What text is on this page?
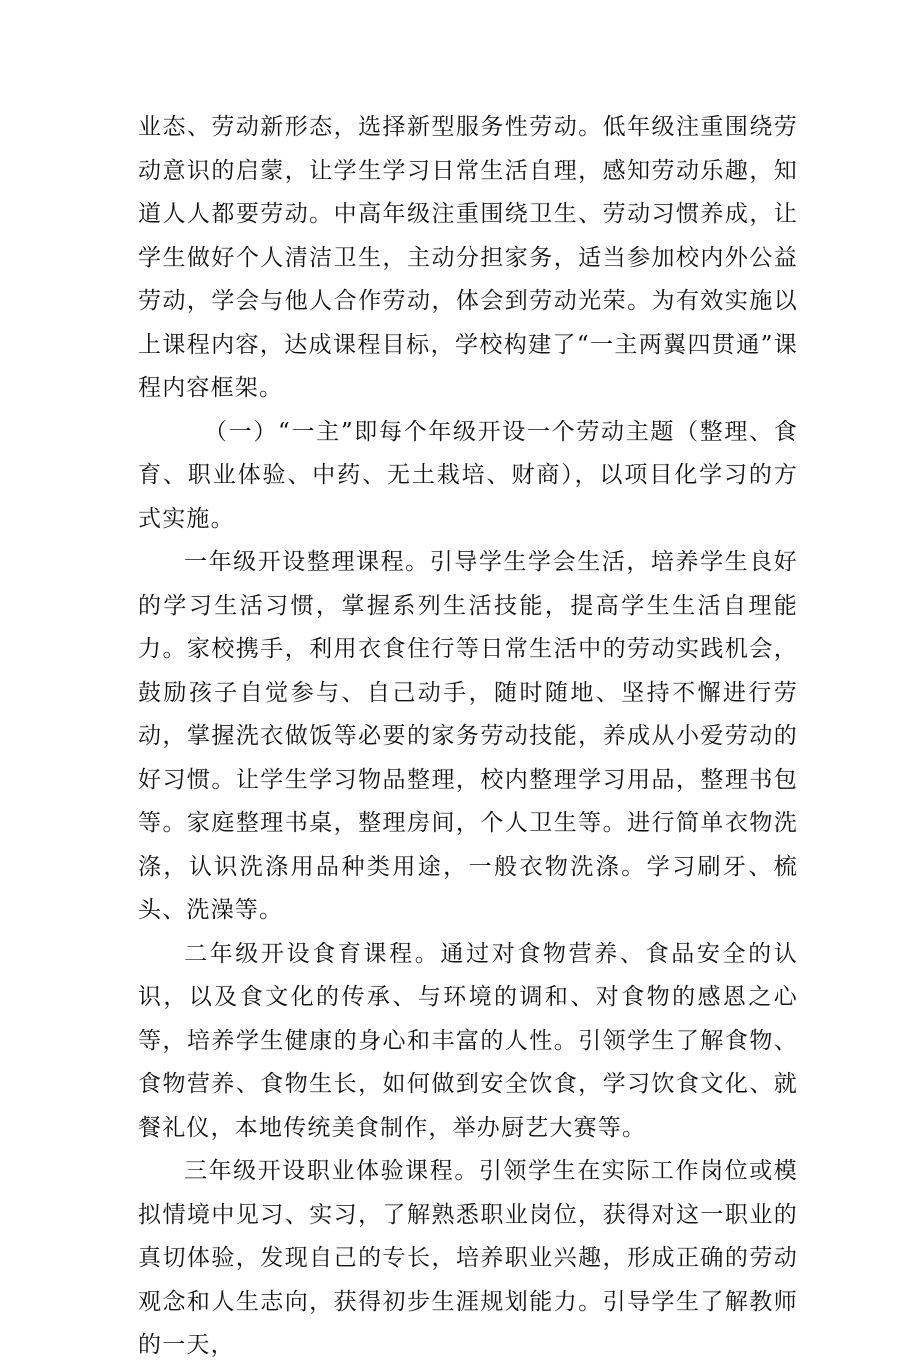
业态、劳动新形态，选择新型服务性劳动。低年级注重围绕劳动意识的启蒙，让学生学习日常生活自理，感知劳动乐趣，知道人人都要劳动。中高年级注重围绕卫生、劳动习惯养成，让学生做好个人清洁卫生，主动分担家务，适当参加校内外公益劳动，学会与他人合作劳动，体会到劳动光荣。为有效实施以上课程内容，达成课程目标，学校构建了“一主两翼四贯通”课程内容框架。

（一）“一主”即每个年级开设一个劳动主题（整理、食育、职业体验、中药、无土栽培、财商），以项目化学习的方式实施。

一年级开设整理课程。引导学生学会生活，培养学生良好的学习生活习惯，掌握系列生活技能，提高学生生活自理能力。家校携手，利用衣食住行等日常生活中的劳动实践机会，鼓励孩子自觉参与、自己动手，随时随地、坚持不懈进行劳动，掌握洗衣做饭等必要的家务劳动技能，养成从小爱劳动的好习惯。让学生学习物品整理，校内整理学习用品，整理书包等。家庭整理书桌，整理房间，个人卫生等。进行简单衣物洗涤，认识洗涤用品种类用途，一般衣物洗涤。学习刷牙、梳头、洗澡等。

二年级开设食育课程。通过对食物营养、食品安全的认识，以及食文化的传承、与环境的调和、对食物的感恩之心等，培养学生健康的身心和丰富的人性。引领学生了解食物、食物营养、食物生长，如何做到安全饮食，学习饮食文化、就餐礼仪，本地传统美食制作，举办厨艺大赛等。

三年级开设职业体验课程。引领学生在实际工作岗位或模拟情境中见习、实习，了解熟悉职业岗位，获得对这一职业的真切体验，发现自己的专长，培养职业兴趣，形成正确的劳动观念和人生志向，获得初步生涯规划能力。引导学生了解教师的一天，
